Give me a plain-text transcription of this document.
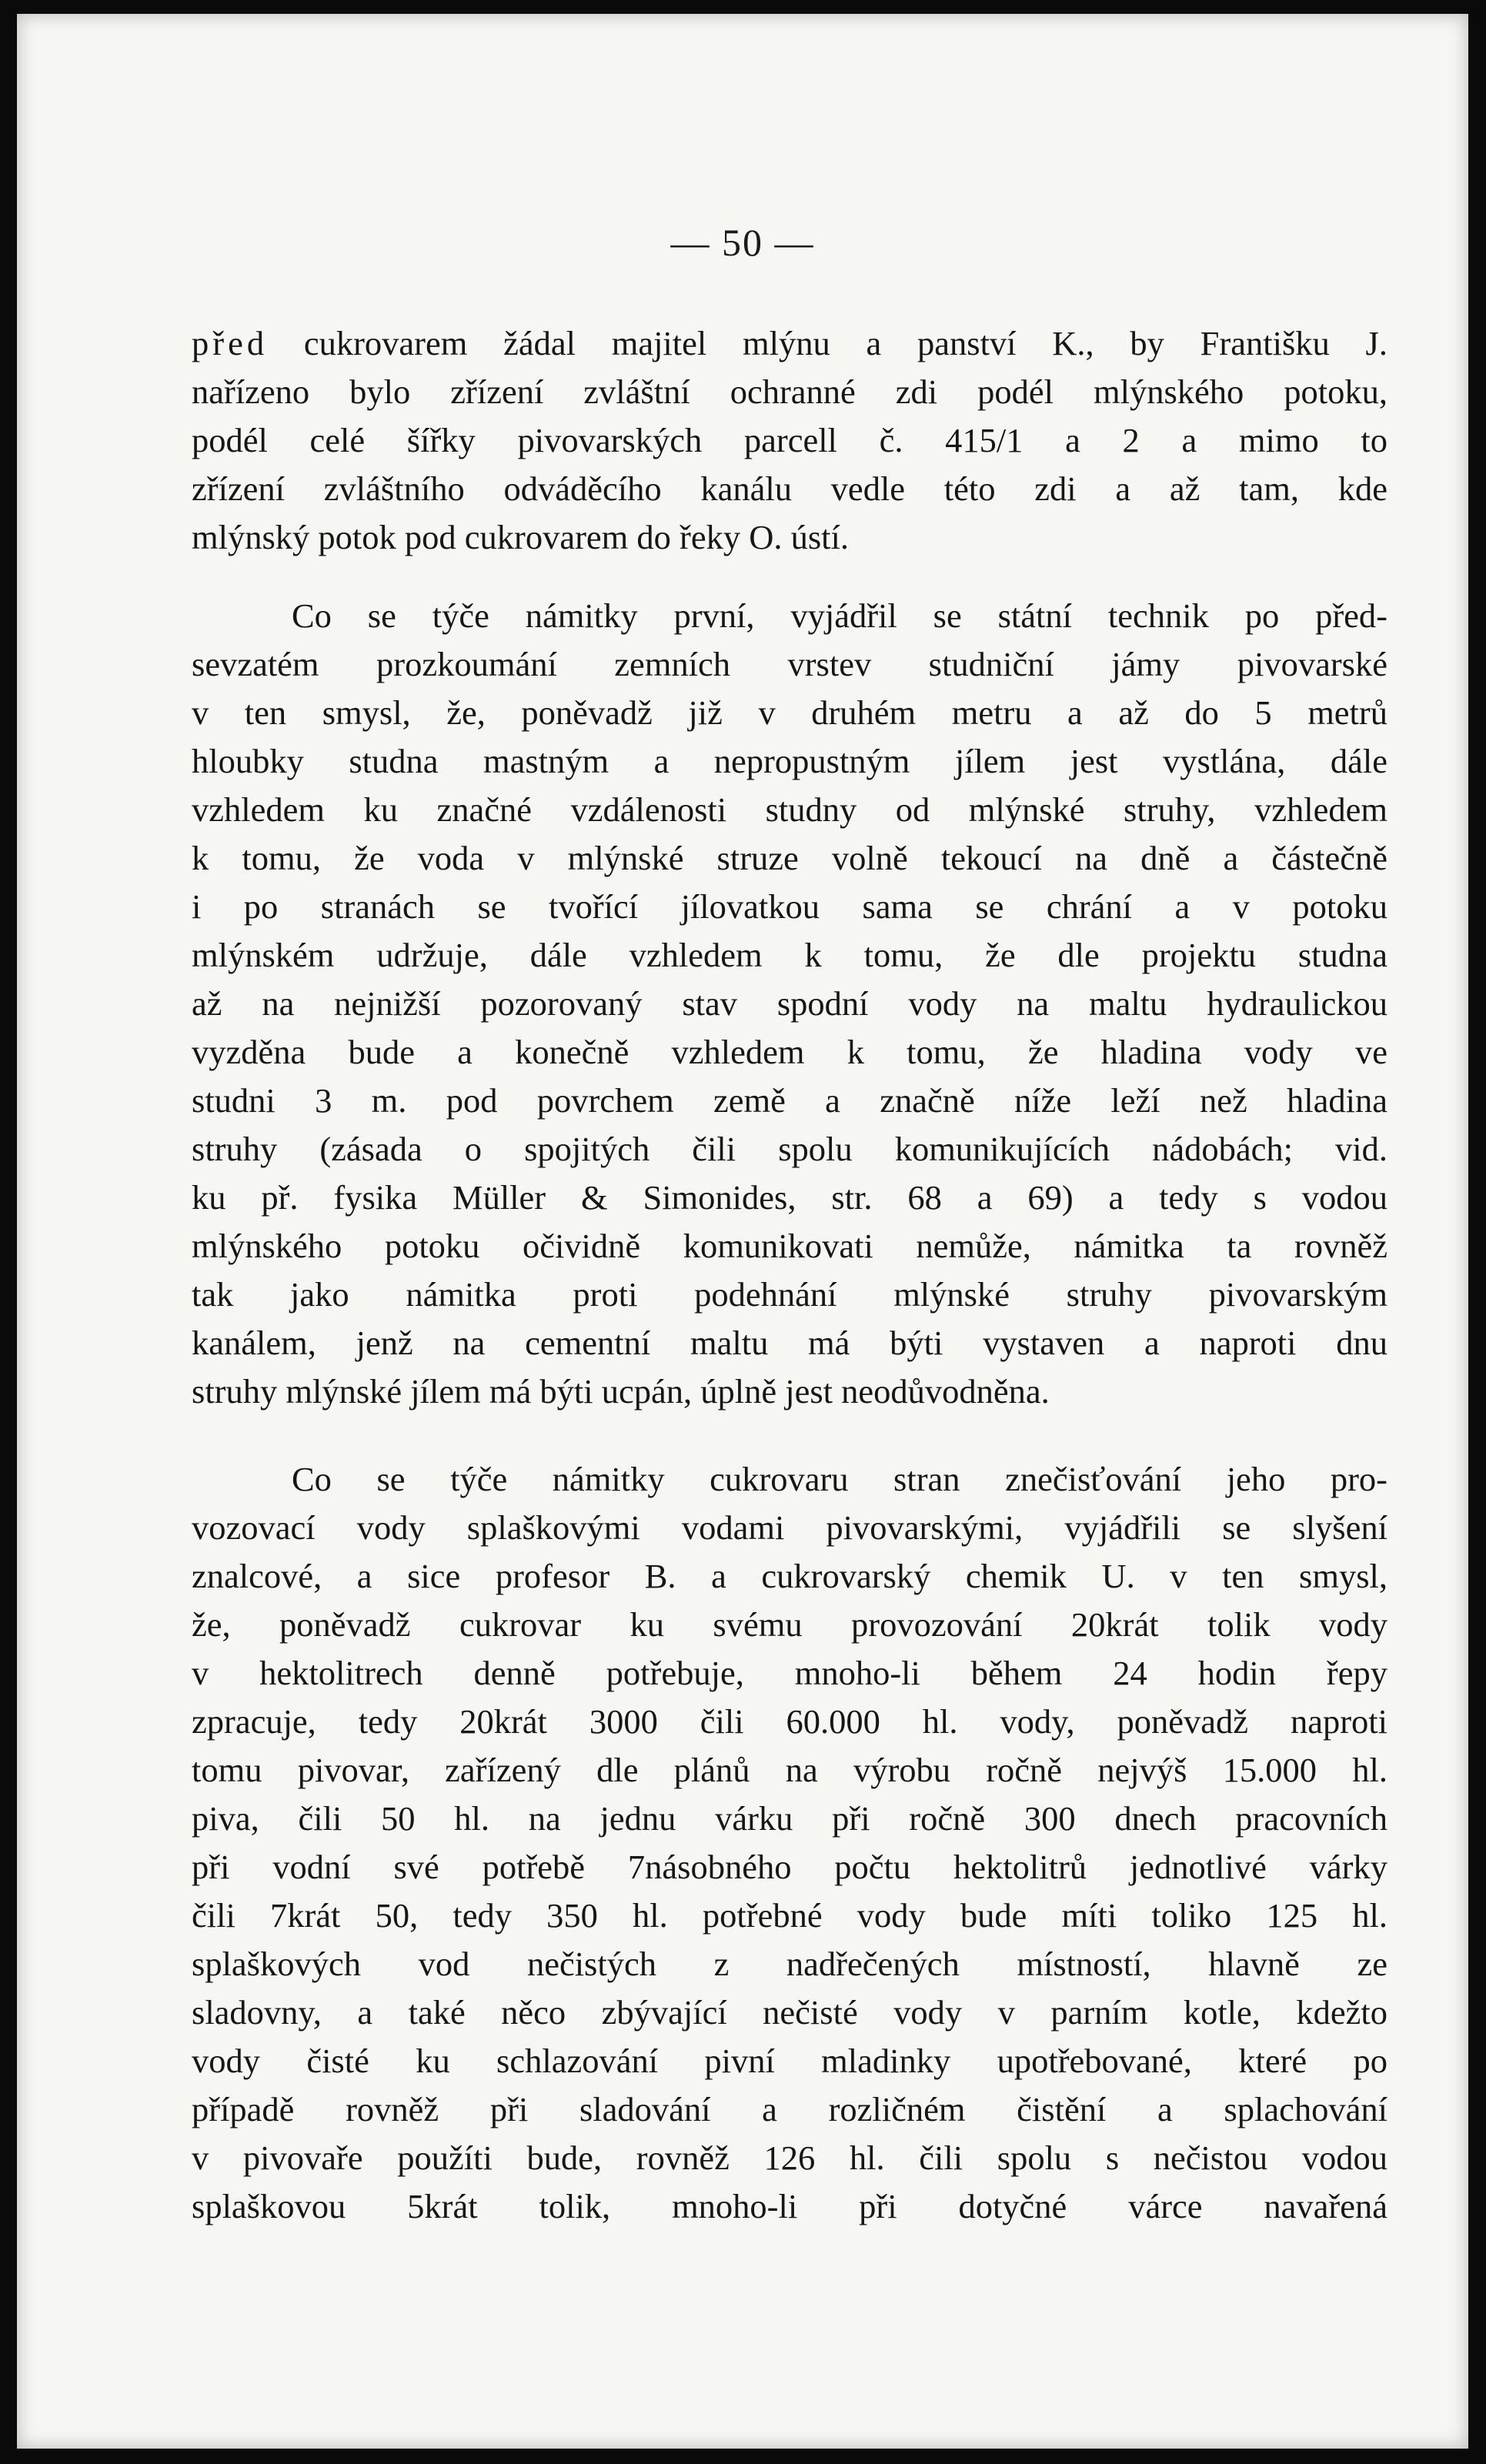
— 50 —
před cukrovarem žádal majitel mlýnu a panství K., by Františku J.
nařízeno bylo zřízení zvláštní ochranné zdi podél mlýnského potoku,
podél celé šířky pivovarských parcell č. 415/1 a 2 a mimo to
zřízení zvláštního odváděcího kanálu vedle této zdi a až tam, kde
mlýnský potok pod cukrovarem do řeky O. ústí.
Co se týče námitky první, vyjádřil se státní technik po před-
sevzatém prozkoumání zemních vrstev studniční jámy pivovarské
v ten smysl, že, poněvadž již v druhém metru a až do 5 metrů
hloubky studna mastným a nepropustným jílem jest vystlána, dále
vzhledem ku značné vzdálenosti studny od mlýnské struhy, vzhledem
k tomu, že voda v mlýnské struze volně tekoucí na dně a částečně
i po stranách se tvořící jílovatkou sama se chrání a v potoku
mlýnském udržuje, dále vzhledem k tomu, že dle projektu studna
až na nejnižší pozorovaný stav spodní vody na maltu hydraulickou
vyzděna bude a konečně vzhledem k tomu, že hladina vody ve
studni 3 m. pod povrchem země a značně níže leží než hladina
struhy (zásada o spojitých čili spolu komunikujících nádobách; vid.
ku př. fysika Müller & Simonides, str. 68 a 69) a tedy s vodou
mlýnského potoku očividně komunikovati nemůže, námitka ta rovněž
tak jako námitka proti podehnání mlýnské struhy pivovarským
kanálem, jenž na cementní maltu má býti vystaven a naproti dnu
struhy mlýnské jílem má býti ucpán, úplně jest neodůvodněna.
Co se týče námitky cukrovaru stran znečisťování jeho pro-
vozovací vody splaškovými vodami pivovarskými, vyjádřili se slyšení
znalcové, a sice profesor B. a cukrovarský chemik U. v ten smysl,
že, poněvadž cukrovar ku svému provozování 20krát tolik vody
v hektolitrech denně potřebuje, mnoho-li během 24 hodin řepy
zpracuje, tedy 20krát 3000 čili 60.000 hl. vody, poněvadž naproti
tomu pivovar, zařízený dle plánů na výrobu ročně nejvýš 15.000 hl.
piva, čili 50 hl. na jednu várku při ročně 300 dnech pracovních
při vodní své potřebě 7násobného počtu hektolitrů jednotlivé várky
čili 7krát 50, tedy 350 hl. potřebné vody bude míti toliko 125 hl.
splaškových vod nečistých z nadřečených místností, hlavně ze
sladovny, a také něco zbývající nečisté vody v parním kotle, kdežto
vody čisté ku schlazování pivní mladinky upotřebované, které po
případě rovněž při sladování a rozličném čistění a splachování
v pivovaře použíti bude, rovněž 126 hl. čili spolu s nečistou vodou
splaškovou 5krát tolik, mnoho-li při dotyčné várce navařená
